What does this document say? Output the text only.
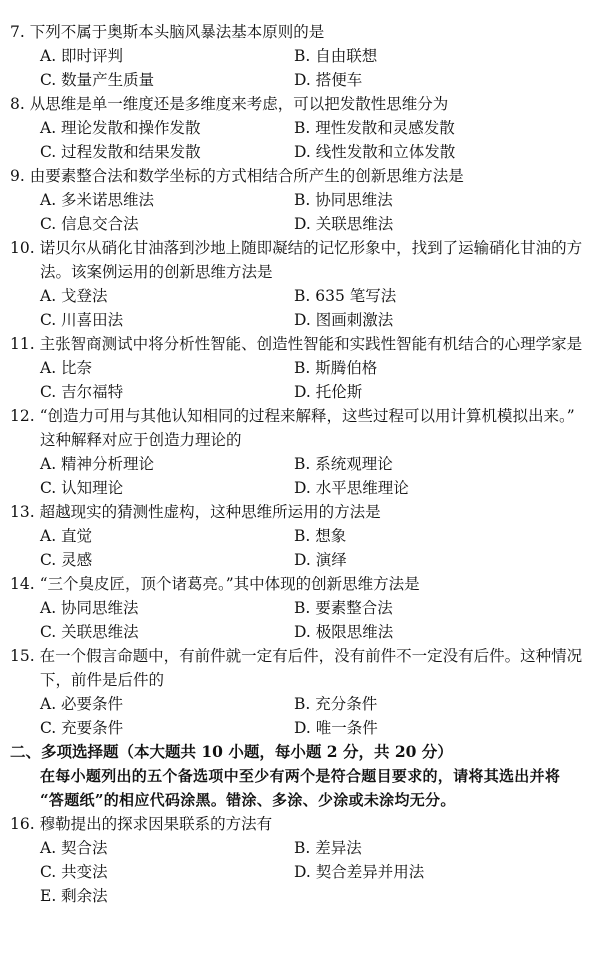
7. 下列不属于奥斯本头脑风暴法基本原则的是
A. 即时评判	B. 自由联想
C. 数量产生质量	D. 搭便车
8. 从思维是单一维度还是多维度来考虑，可以把发散性思维分为
A. 理论发散和操作发散	B. 理性发散和灵感发散
C. 过程发散和结果发散	D. 线性发散和立体发散
9. 由要素整合法和数学坐标的方式相结合所产生的创新思维方法是
A. 多米诺思维法	B. 协同思维法
C. 信息交合法	D. 关联思维法
10. 诺贝尔从硝化甘油落到沙地上随即凝结的记忆形象中，找到了运输硝化甘油的方
法。该案例运用的创新思维方法是
A. 戈登法	B. 635 笔写法
C. 川喜田法	D. 图画刺激法
11. 主张智商测试中将分析性智能、创造性智能和实践性智能有机结合的心理学家是
A. 比奈	B. 斯腾伯格
C. 吉尔福特	D. 托伦斯
12. “创造力可用与其他认知相同的过程来解释，这些过程可以用计算机模拟出来。”
这种解释对应于创造力理论的
A. 精神分析理论	B. 系统观理论
C. 认知理论	D. 水平思维理论
13. 超越现实的猜测性虚构，这种思维所运用的方法是
A. 直觉	B. 想象
C. 灵感	D. 演绎
14. “三个臭皮匠，顶个诸葛亮。”其中体现的创新思维方法是
A. 协同思维法	B. 要素整合法
C. 关联思维法	D. 极限思维法
15. 在一个假言命题中，有前件就一定有后件，没有前件不一定没有后件。这种情况
下，前件是后件的
A. 必要条件	B. 充分条件
C. 充要条件	D. 唯一条件
二、多项选择题（本大题共 10 小题，每小题 2 分，共 20 分）
在每小题列出的五个备选项中至少有两个是符合题目要求的，请将其选出并将
“答题纸”的相应代码涂黑。错涂、多涂、少涂或未涂均无分。
16. 穆勒提出的探求因果联系的方法有
A. 契合法	B. 差异法
C. 共变法	D. 契合差异并用法
E. 剩余法
